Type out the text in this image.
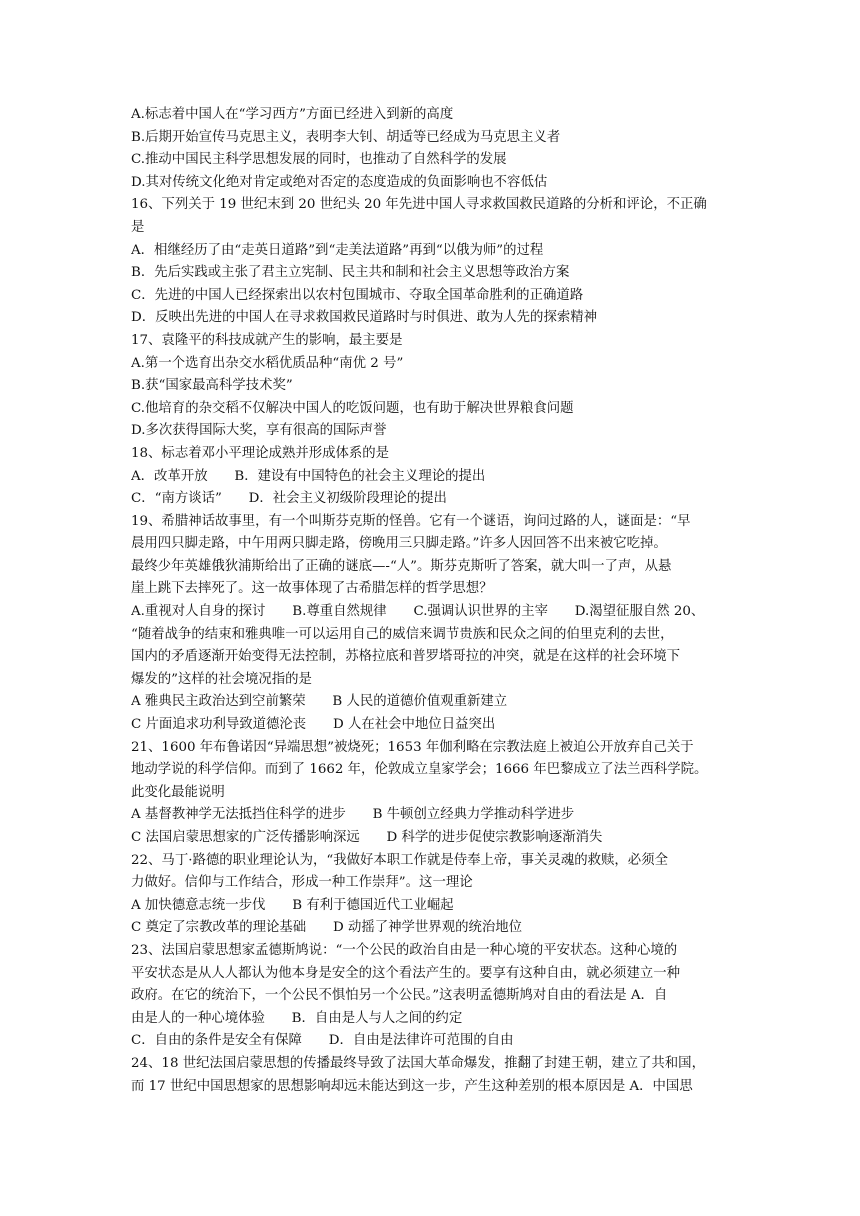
A.标志着中国人在“学习西方”方面已经进入到新的高度
B.后期开始宣传马克思主义，表明李大钊、胡适等已经成为马克思主义者
C.推动中国民主科学思想发展的同时，也推动了自然科学的发展
D.其对传统文化绝对肯定或绝对否定的态度造成的负面影响也不容低估
16、下列关于 19 世纪末到 20 世纪头 20 年先进中国人寻求救国救民道路的分析和评论，不正确
是
A．相继经历了由“走英日道路”到“走美法道路”再到“以俄为师”的过程
B．先后实践或主张了君主立宪制、民主共和制和社会主义思想等政治方案
C．先进的中国人已经探索出以农村包围城市、夺取全国革命胜利的正确道路
D．反映出先进的中国人在寻求救国救民道路时与时俱进、敢为人先的探索精神
17、袁隆平的科技成就产生的影响，最主要是
A.第一个选育出杂交水稻优质品种“南优 2 号”
B.获“国家最高科学技术奖”
C.他培育的杂交稻不仅解决中国人的吃饭问题，也有助于解决世界粮食问题
D.多次获得国际大奖，享有很高的国际声誉
18、标志着邓小平理论成熟并形成体系的是
A．改革开放　　B．建设有中国特色的社会主义理论的提出
C．“南方谈话”　　D．社会主义初级阶段理论的提出
19、希腊神话故事里，有一个叫斯芬克斯的怪兽。它有一个谜语，询问过路的人，谜面是：“早
晨用四只脚走路，中午用两只脚走路，傍晚用三只脚走路。”许多人因回答不出来被它吃掉。
最终少年英雄俄狄浦斯给出了正确的谜底—-“人”。斯芬克斯听了答案，就大叫一了声，从悬
崖上跳下去摔死了。这一故事体现了古希腊怎样的哲学思想？
A.重视对人自身的探讨　　B.尊重自然规律　　C.强调认识世界的主宰　　D.渴望征服自然 20、
“随着战争的结束和雅典唯一可以运用自己的威信来调节贵族和民众之间的伯里克利的去世，
国内的矛盾逐渐开始变得无法控制，苏格拉底和普罗塔哥拉的冲突，就是在这样的社会环境下
爆发的”这样的社会境况指的是
A 雅典民主政治达到空前繁荣　　B 人民的道德价值观重新建立
C 片面追求功利导致道德沦丧　　D 人在社会中地位日益突出
21、1600 年布鲁诺因“异端思想”被烧死；1653 年伽利略在宗教法庭上被迫公开放弃自己关于
地动学说的科学信仰。而到了 1662 年，伦敦成立皇家学会；1666 年巴黎成立了法兰西科学院。
此变化最能说明
A 基督教神学无法抵挡住科学的进步　　B 牛顿创立经典力学推动科学进步
C 法国启蒙思想家的广泛传播影响深远　　D 科学的进步促使宗教影响逐渐消失
22、马丁·路德的职业理论认为，“我做好本职工作就是侍奉上帝，事关灵魂的救赎，必须全
力做好。信仰与工作结合，形成一种工作崇拜”。这一理论
A 加快德意志统一步伐　　B 有利于德国近代工业崛起
C 奠定了宗教改革的理论基础　　D 动摇了神学世界观的统治地位
23、法国启蒙思想家孟德斯鸠说：“一个公民的政治自由是一种心境的平安状态。这种心境的
平安状态是从人人都认为他本身是安全的这个看法产生的。要享有这种自由，就必须建立一种
政府。在它的统治下，一个公民不惧怕另一个公民。”这表明孟德斯鸠对自由的看法是 A．自
由是人的一种心境体验　　B．自由是人与人之间的约定
C．自由的条件是安全有保障　　D．自由是法律许可范围的自由
24、18 世纪法国启蒙思想的传播最终导致了法国大革命爆发，推翻了封建王朝，建立了共和国，
而 17 世纪中国思想家的思想影响却远未能达到这一步，产生这种差别的根本原因是 A．中国思
